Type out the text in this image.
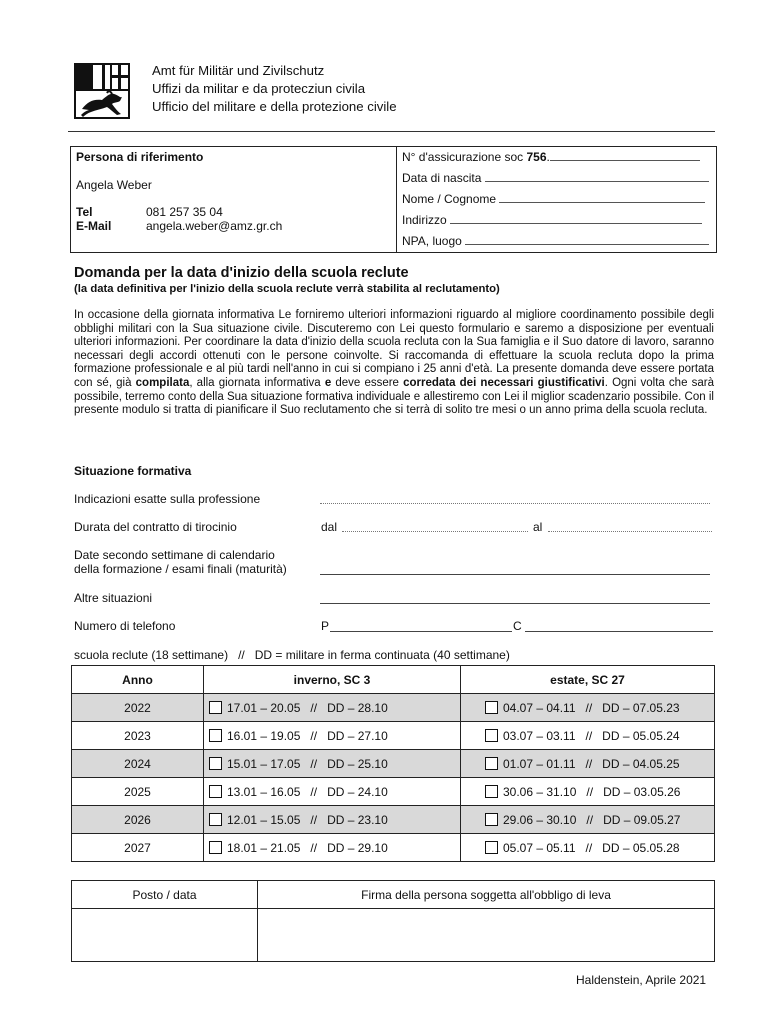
Amt für Militär und Zivilschutz
Uffizi da militar e da protecziun civila
Ufficio del militare e della protezione civile
Persona di riferimento
Angela Weber
Tel	081 257 35 04
E-Mail	angela.weber@amz.gr.ch
N° d'assicurazione soc 756.
Data di nascita
Nome / Cognome
Indirizzo
NPA, luogo
Domanda per la data d'inizio della scuola reclute
(la data definitiva per l'inizio della scuola reclute verrà stabilita al reclutamento)
In occasione della giornata informativa Le forniremo ulteriori informazioni riguardo al migliore coordinamento possibile degli obblighi militari con la Sua situazione civile. Discuteremo con Lei questo formulario e saremo a disposizione per eventuali ulteriori informazioni. Per coordinare la data d'inizio della scuola recluta con la Sua famiglia e il Suo datore di lavoro, saranno necessari degli accordi ottenuti con le persone coinvolte. Si raccomanda di effettuare la scuola recluta dopo la prima formazione professionale e al più tardi nell'anno in cui si compiano i 25 anni d'età. La presente domanda deve essere portata con sé, già compilata, alla giornata informativa e deve essere corredata dei necessari giustificativi. Ogni volta che sarà possibile, terremo conto della Sua situazione formativa individuale e allestiremo con Lei il miglior scadenzario possibile. Con il presente modulo si tratta di pianificare il Suo reclutamento che si terrà di solito tre mesi o un anno prima della scuola recluta.
Situazione formativa
Indicazioni esatte sulla professione
Durata del contratto di tirocinio	dal	al
Date secondo settimane di calendario
della formazione / esami finali (maturità)
Altre situazioni
Numero di telefono	P	C
scuola reclute (18 settimane)   //   DD = militare in ferma continuata (40 settimane)
Anno	inverno, SC 3	estate, SC 27
2022	17.01 – 20.05   //   DD – 28.10	04.07 – 04.11   //   DD – 07.05.23

2023	16.01 – 19.05   //   DD – 27.10	03.07 – 03.11   //   DD – 05.05.24

2024	15.01 – 17.05   //   DD – 25.10	01.07 – 01.11   //   DD – 04.05.25

2025	13.01 – 16.05   //   DD – 24.10	30.06 – 31.10   //   DD – 03.05.26

2026	12.01 – 15.05   //   DD – 23.10	29.06 – 30.10   //   DD – 09.05.27

2027	18.01 – 21.05   //   DD – 29.10	05.07 – 05.11   //   DD – 05.05.28
Posto / data	Firma della persona soggetta all'obbligo di leva

Haldenstein, Aprile 2021
